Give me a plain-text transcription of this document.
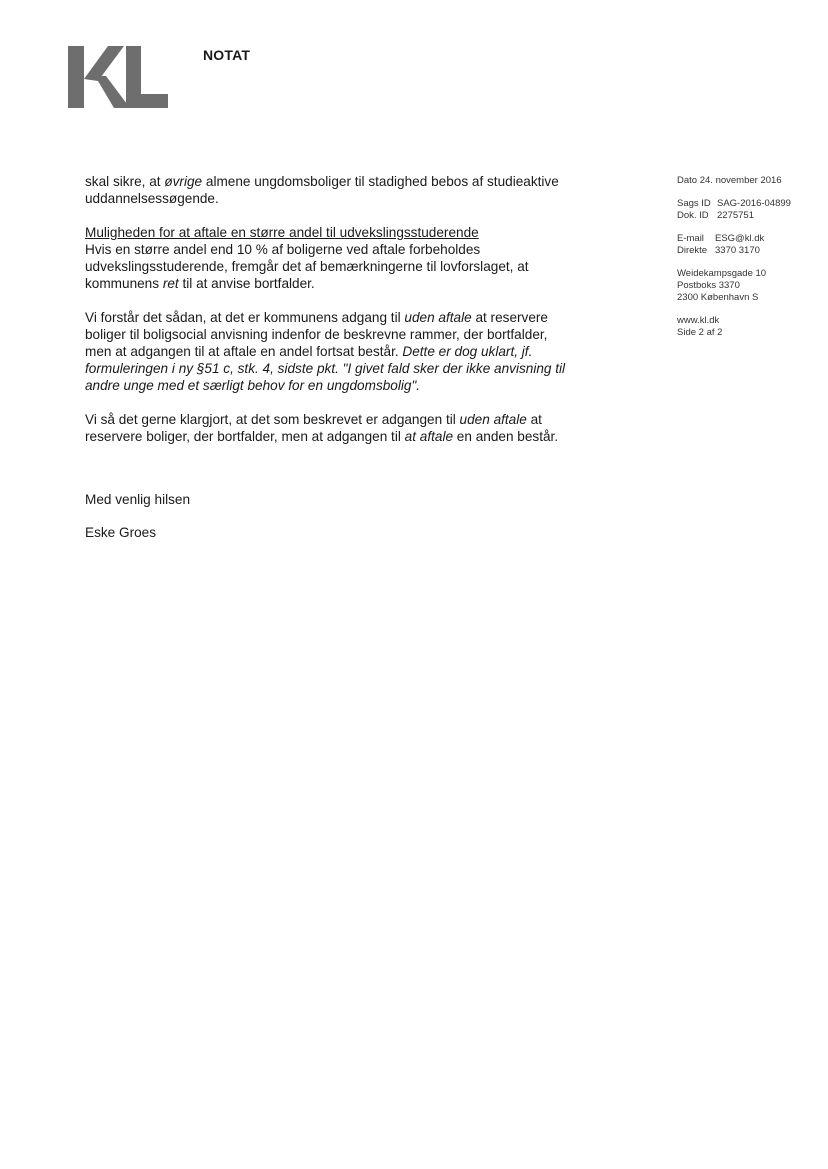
NOTAT
Dato 24. november 2016
Sags ID SAG-2016-04899
Dok. ID 2275751
E-mail ESG@kl.dk
Direkte 3370 3170
Weidekampsgade 10
Postboks 3370
2300 København S
www.kl.dk
Side 2 af 2

skal sikre, at øvrige almene ungdomsboliger til stadighed bebos af studieaktive uddannelsessøgende.

Muligheden for at aftale en større andel til udvekslingsstuderende
Hvis en større andel end 10 % af boligerne ved aftale forbeholdes udvekslingsstuderende, fremgår det af bemærkningerne til lovforslaget, at kommunens ret til at anvise bortfalder.

Vi forstår det sådan, at det er kommunens adgang til uden aftale at reservere boliger til boligsocial anvisning indenfor de beskrevne rammer, der bortfalder, men at adgangen til at aftale en andel fortsat består. Dette er dog uklart, jf. formuleringen i ny §51 c, stk. 4, sidste pkt. "I givet fald sker der ikke anvisning til andre unge med et særligt behov for en ungdomsbolig".

Vi så det gerne klargjort, at det som beskrevet er adgangen til uden aftale at reservere boliger, der bortfalder, men at adgangen til at aftale en anden består.

Med venlig hilsen

Eske Groes
